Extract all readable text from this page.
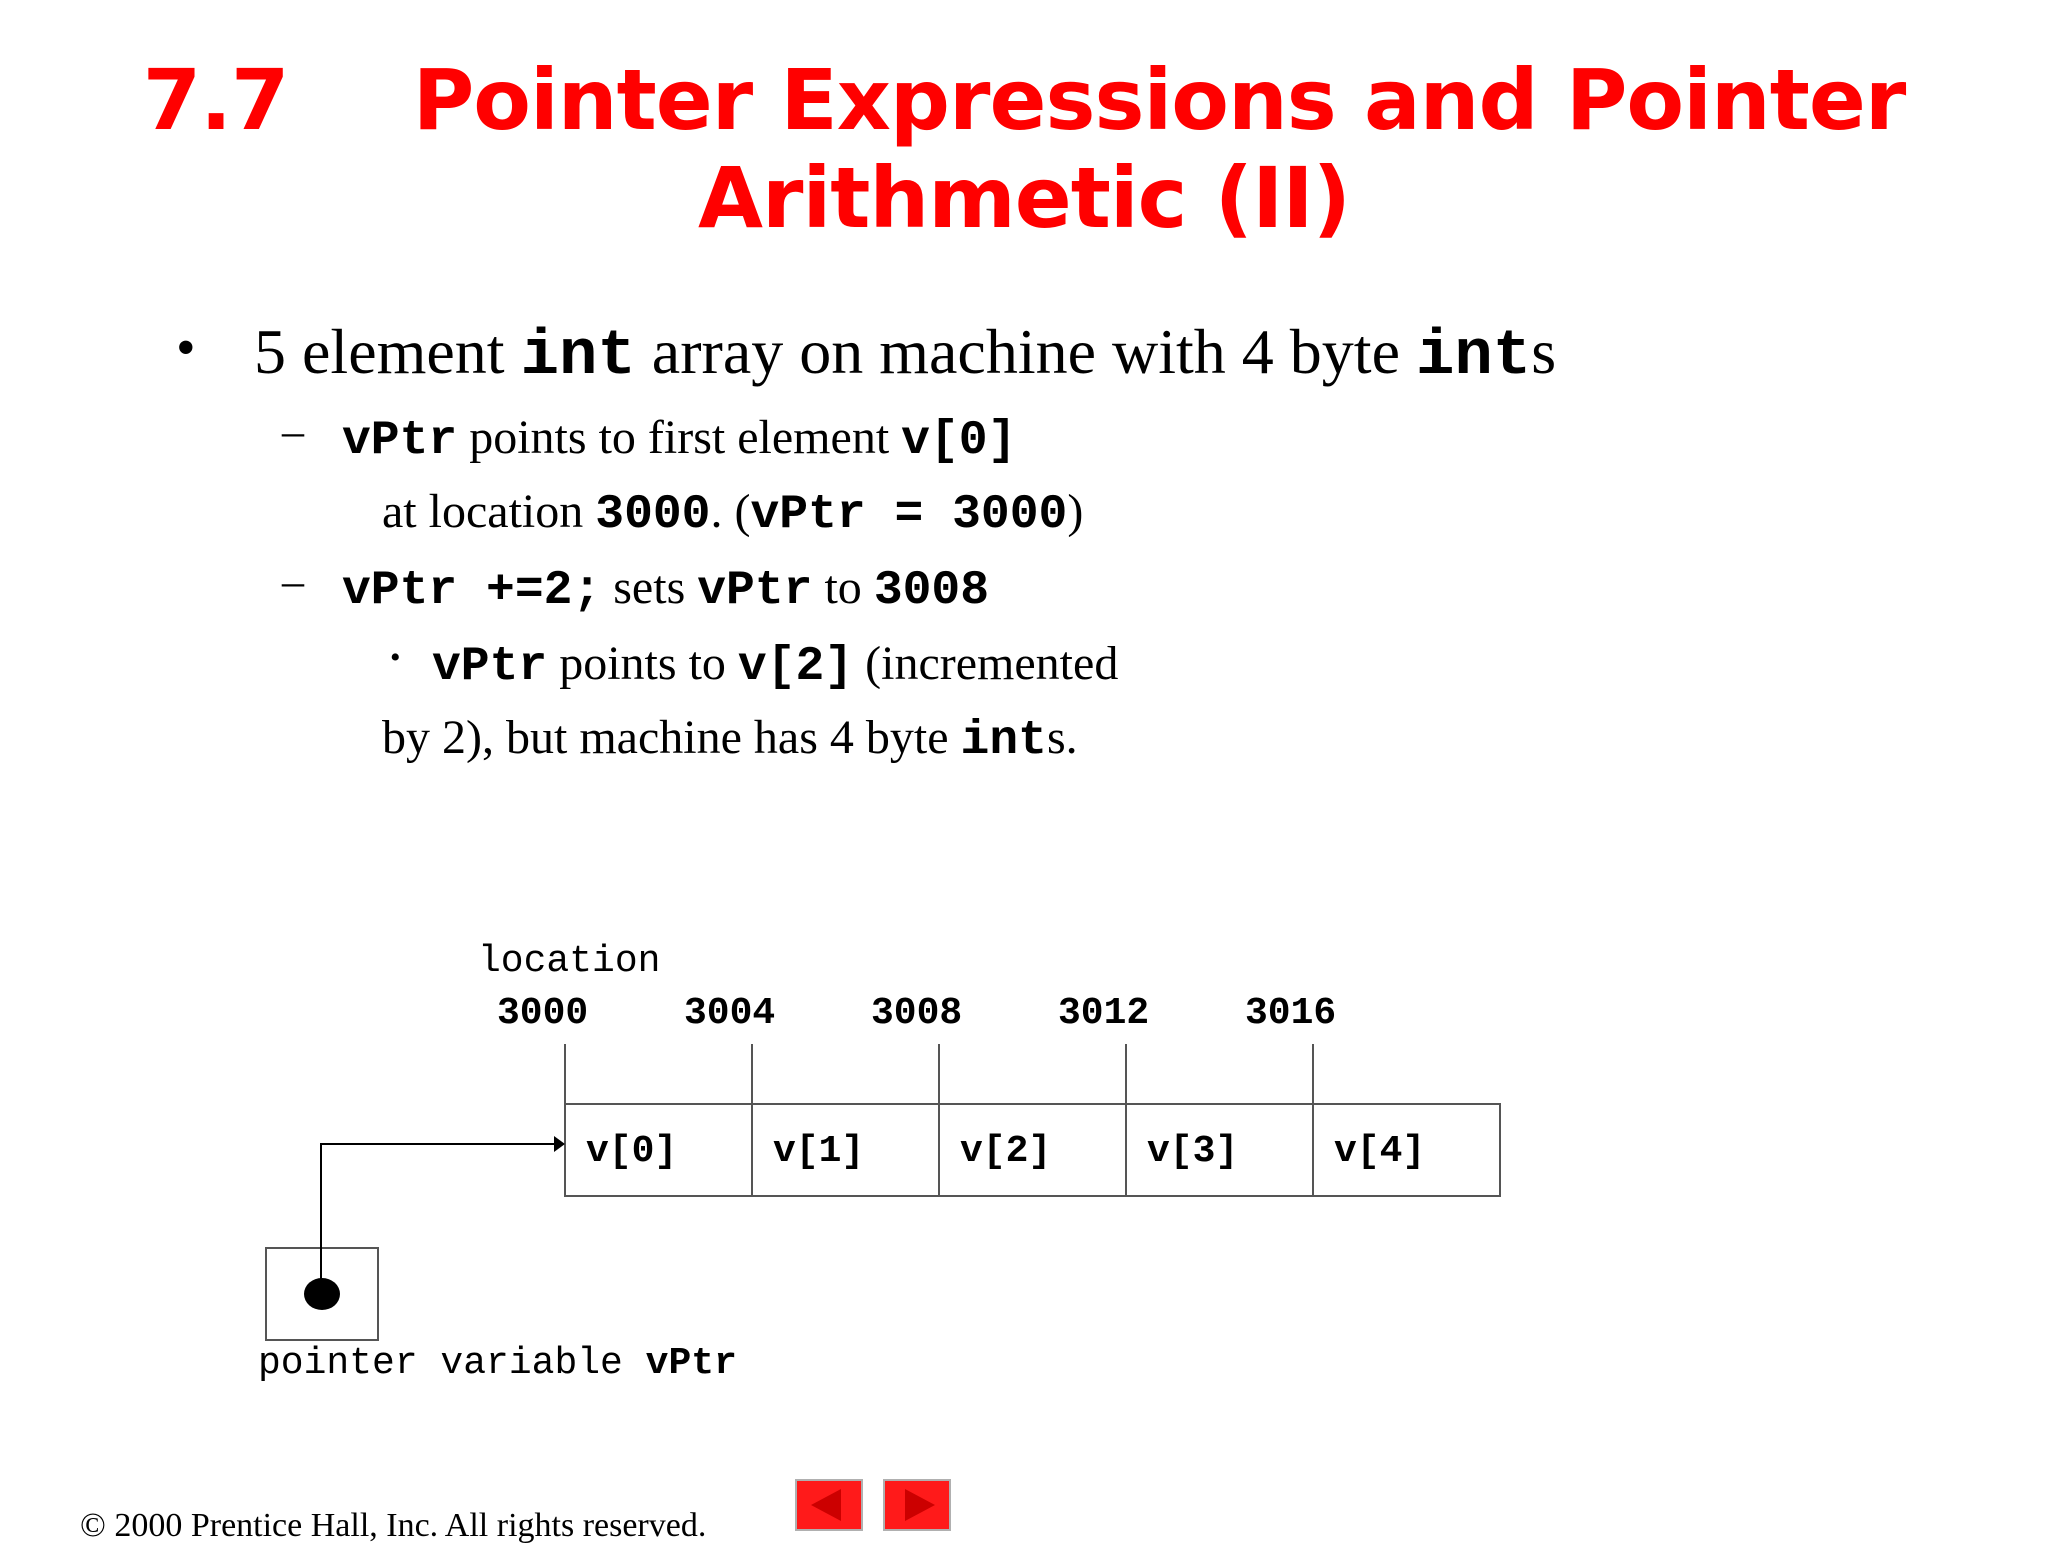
7.7 Pointer Expressions and Pointer
Arithmetic (II)
• 5 element int array on machine with 4 byte ints
– vPtr points to first element v[0]
at location 3000. (vPtr = 3000)
– vPtr +=2; sets vPtr to 3008
• vPtr points to v[2] (incremented
by 2), but machine has 4 byte ints.
location
3000	3004	3008	3012	3016
v[0]	v[1]	v[2]	v[3]	v[4]
pointer variable vPtr
© 2000 Prentice Hall, Inc. All rights reserved.
